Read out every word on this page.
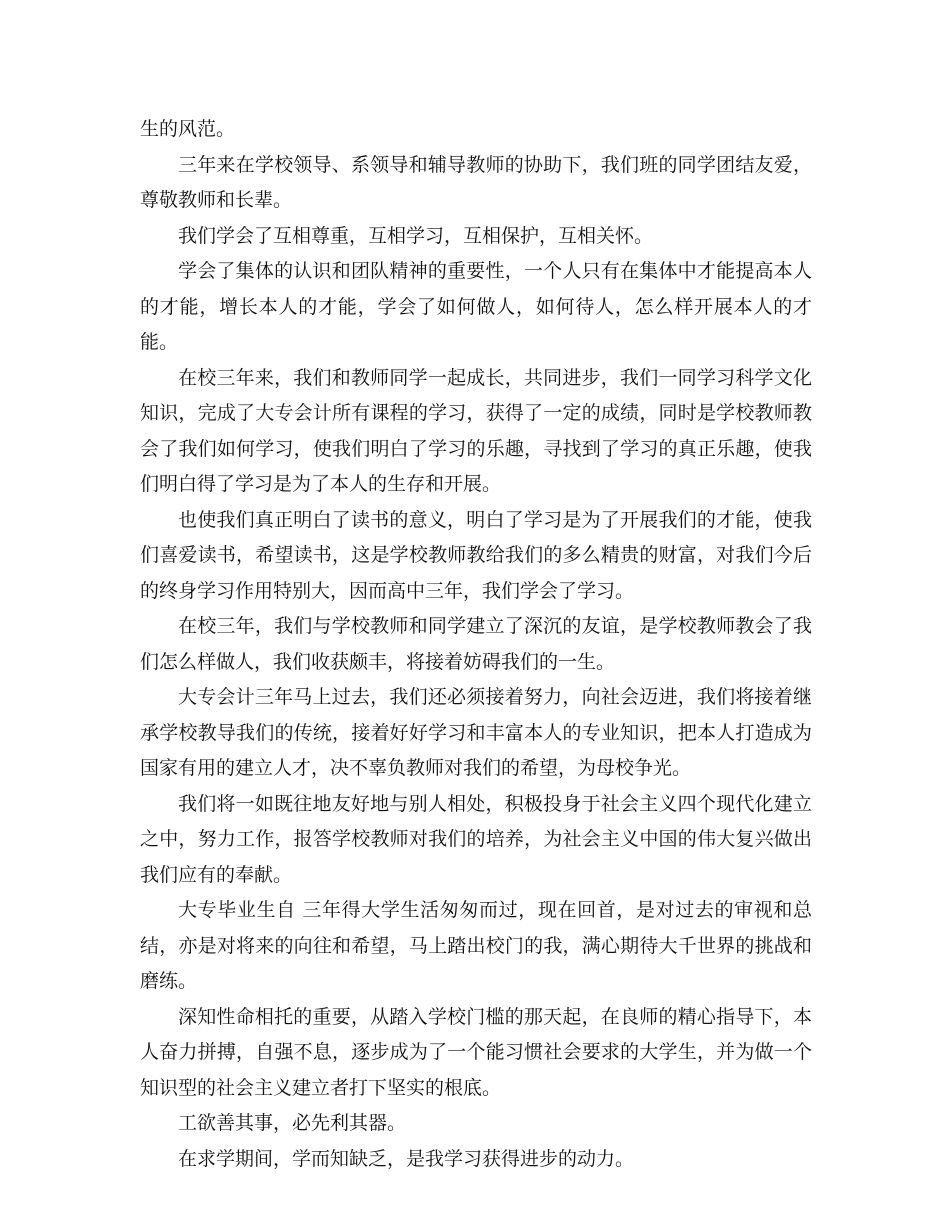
生的风范。

三年来在学校领导、系领导和辅导教师的协助下，我们班的同学团结友爱，尊敬教师和长辈。

我们学会了互相尊重，互相学习，互相保护，互相关怀。

学会了集体的认识和团队精神的重要性，一个人只有在集体中才能提高本人的才能，增长本人的才能，学会了如何做人，如何待人，怎么样开展本人的才能。

在校三年来，我们和教师同学一起成长，共同进步，我们一同学习科学文化知识，完成了大专会计所有课程的学习，获得了一定的成绩，同时是学校教师教会了我们如何学习，使我们明白了学习的乐趣，寻找到了学习的真正乐趣，使我们明白得了学习是为了本人的生存和开展。

也使我们真正明白了读书的意义，明白了学习是为了开展我们的才能，使我们喜爱读书，希望读书，这是学校教师教给我们的多么精贵的财富，对我们今后的终身学习作用特别大，因而高中三年，我们学会了学习。

在校三年，我们与学校教师和同学建立了深沉的友谊，是学校教师教会了我们怎么样做人，我们收获颇丰，将接着妨碍我们的一生。

大专会计三年马上过去，我们还必须接着努力，向社会迈进，我们将接着继承学校教导我们的传统，接着好好学习和丰富本人的专业知识，把本人打造成为国家有用的建立人才，决不辜负教师对我们的希望，为母校争光。

我们将一如既往地友好地与别人相处，积极投身于社会主义四个现代化建立之中，努力工作，报答学校教师对我们的培养，为社会主义中国的伟大复兴做出我们应有的奉献。

大专毕业生自 三年得大学生活匆匆而过，现在回首，是对过去的审视和总结，亦是对将来的向往和希望，马上踏出校门的我，满心期待大千世界的挑战和磨练。

深知性命相托的重要，从踏入学校门槛的那天起，在良师的精心指导下，本人奋力拼搏，自强不息，逐步成为了一个能习惯社会要求的大学生，并为做一个知识型的社会主义建立者打下坚实的根底。

工欲善其事，必先利其器。

在求学期间，学而知缺乏，是我学习获得进步的动力。
